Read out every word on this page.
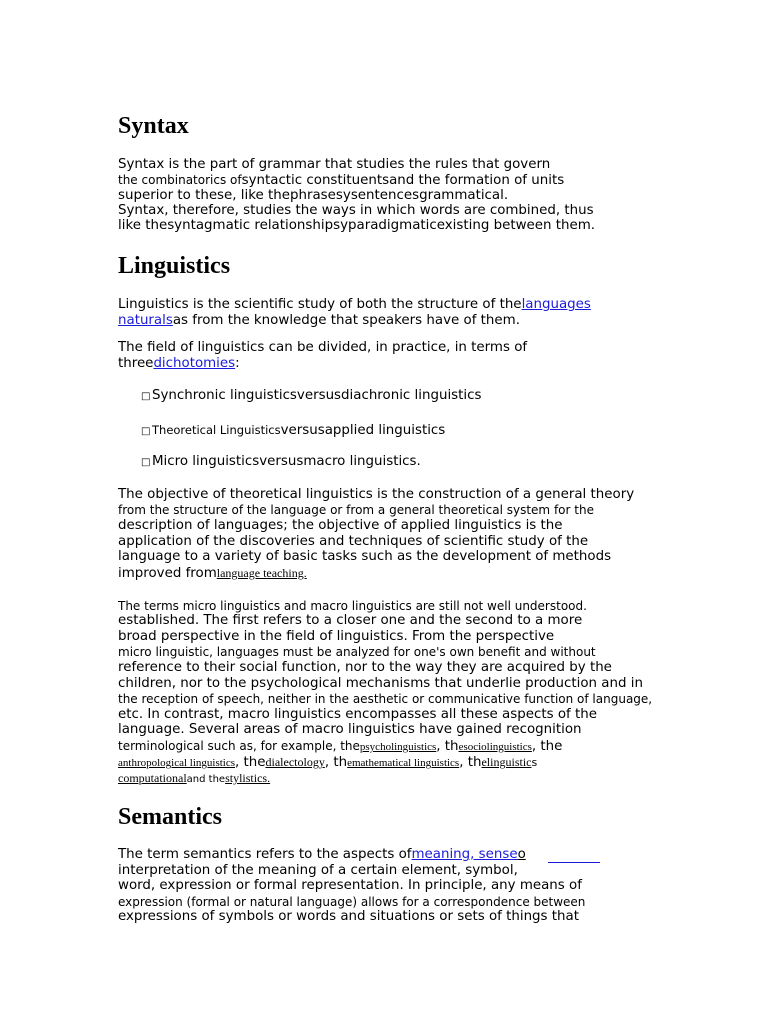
Syntax
Syntax is the part of grammar that studies the rules that govern
the combinatorics ofsyntactic constituentsand the formation of units
superior to these, like thephrasesysentencesgrammatical.
Syntax, therefore, studies the ways in which words are combined, thus
like thesyntagmatic relationshipsyparadigmaticexisting between them.
Linguistics
Linguistics is the scientific study of both the structure of thelanguages
naturalsas from the knowledge that speakers have of them.
The field of linguistics can be divided, in practice, in terms of
threedichotomies:
□ Synchronic linguisticsversusdiachronic linguistics
□ Theoretical Linguisticsversusapplied linguistics
□ Micro linguisticsversusmacro linguistics.
The objective of theoretical linguistics is the construction of a general theory
from the structure of the language or from a general theoretical system for the
description of languages; the objective of applied linguistics is the
application of the discoveries and techniques of scientific study of the
language to a variety of basic tasks such as the development of methods
improved fromlanguage teaching.
The terms micro linguistics and macro linguistics are still not well understood.
established. The first refers to a closer one and the second to a more
broad perspective in the field of linguistics. From the perspective
micro linguistic, languages must be analyzed for one's own benefit and without
reference to their social function, nor to the way they are acquired by the
children, nor to the psychological mechanisms that underlie production and in
the reception of speech, neither in the aesthetic or communicative function of language,
etc. In contrast, macro linguistics encompasses all these aspects of the
language. Several areas of macro linguistics have gained recognition
terminological such as, for example, thepsycholinguistics, thesociolinguistics, the
anthropological linguistics, thedialectology, themathematical linguistics, thelinguistics
computationaland thestylistics.
Semantics
The term semantics refers to the aspects ofmeaning, senseo
interpretation of the meaning of a certain element, symbol,
word, expression or formal representation. In principle, any means of
expression (formal or natural language) allows for a correspondence between
expressions of symbols or words and situations or sets of things that
